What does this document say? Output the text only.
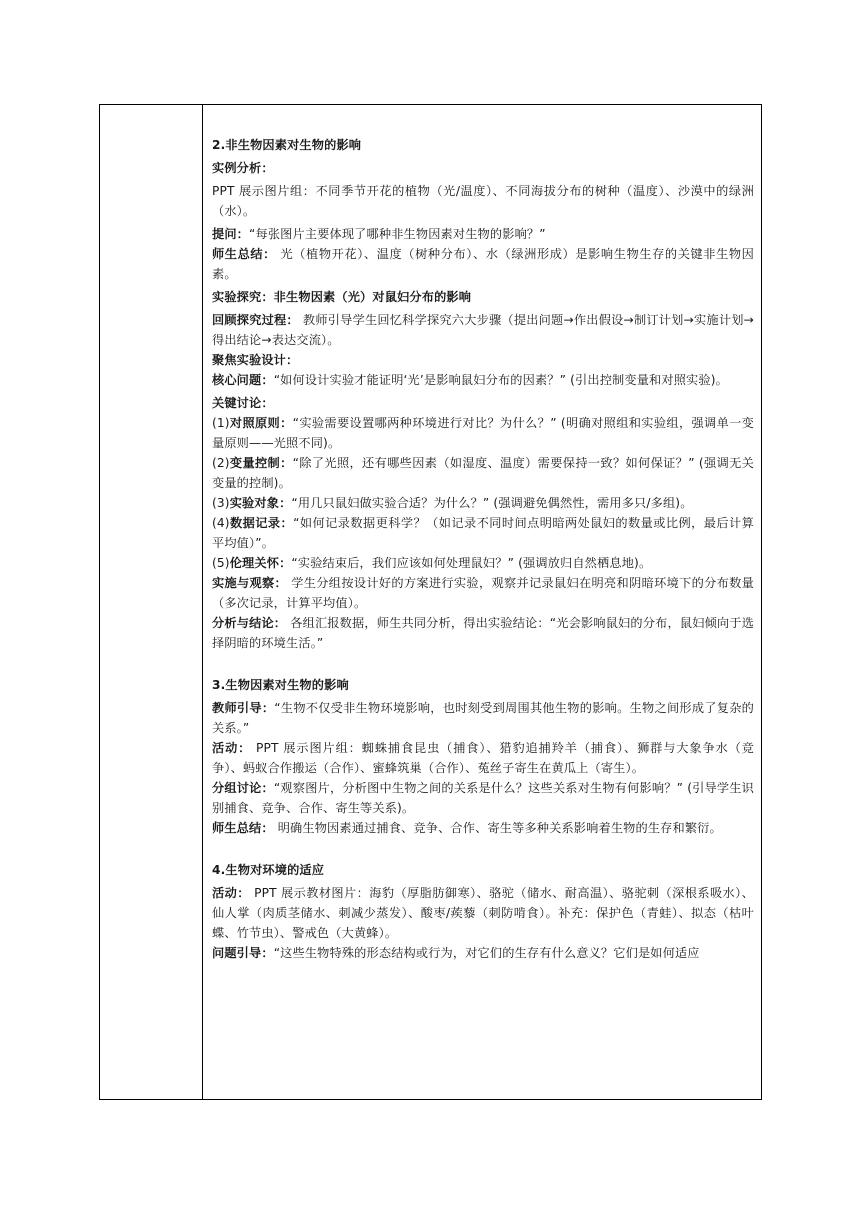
2.非生物因素对生物的影响

实例分析：

PPT 展示图片组：不同季节开花的植物（光/温度）、不同海拔分布的树种（温度）、沙漠中的绿洲（水）。

提问：“每张图片主要体现了哪种非生物因素对生物的影响？”

师生总结： 光（植物开花）、温度（树种分布）、水（绿洲形成）是影响生物生存的关键非生物因素。

实验探究：非生物因素（光）对鼠妇分布的影响

回顾探究过程： 教师引导学生回忆科学探究六大步骤（提出问题→作出假设→制订计划→实施计划→得出结论→表达交流）。

聚焦实验设计：

核心问题：“如何设计实验才能证明‘光’是影响鼠妇分布的因素？” (引出控制变量和对照实验)。

关键讨论：

(1)对照原则：“实验需要设置哪两种环境进行对比？为什么？” (明确对照组和实验组，强调单一变量原则——光照不同)。

(2)变量控制：“除了光照，还有哪些因素（如湿度、温度）需要保持一致？如何保证？” (强调无关变量的控制)。

(3)实验对象：“用几只鼠妇做实验合适？为什么？” (强调避免偶然性，需用多只/多组)。

(4)数据记录：“如何记录数据更科学？（如记录不同时间点明暗两处鼠妇的数量或比例，最后计算平均值）”。

(5)伦理关怀：“实验结束后，我们应该如何处理鼠妇？” (强调放归自然栖息地)。

实施与观察： 学生分组按设计好的方案进行实验，观察并记录鼠妇在明亮和阴暗环境下的分布数量（多次记录，计算平均值）。

分析与结论： 各组汇报数据，师生共同分析，得出实验结论：“光会影响鼠妇的分布，鼠妇倾向于选择阴暗的环境生活。”

3.生物因素对生物的影响

教师引导：“生物不仅受非生物环境影响，也时刻受到周围其他生物的影响。生物之间形成了复杂的关系。”

活动： PPT 展示图片组：蜘蛛捕食昆虫（捕食）、猎豹追捕羚羊（捕食）、狮群与大象争水（竞争）、蚂蚁合作搬运（合作）、蜜蜂筑巢（合作）、菟丝子寄生在黄瓜上（寄生）。

分组讨论：“观察图片，分析图中生物之间的关系是什么？这些关系对生物有何影响？” (引导学生识别捕食、竞争、合作、寄生等关系)。

师生总结： 明确生物因素通过捕食、竞争、合作、寄生等多种关系影响着生物的生存和繁衍。

4.生物对环境的适应

活动： PPT 展示教材图片：海豹（厚脂肪御寒）、骆驼（储水、耐高温）、骆驼刺（深根系吸水）、仙人掌（肉质茎储水、刺减少蒸发）、酸枣/蒺藜（刺防啃食）。补充：保护色（青蛙）、拟态（枯叶蝶、竹节虫）、警戒色（大黄蜂）。

问题引导：“这些生物特殊的形态结构或行为，对它们的生存有什么意义？它们是如何适应
